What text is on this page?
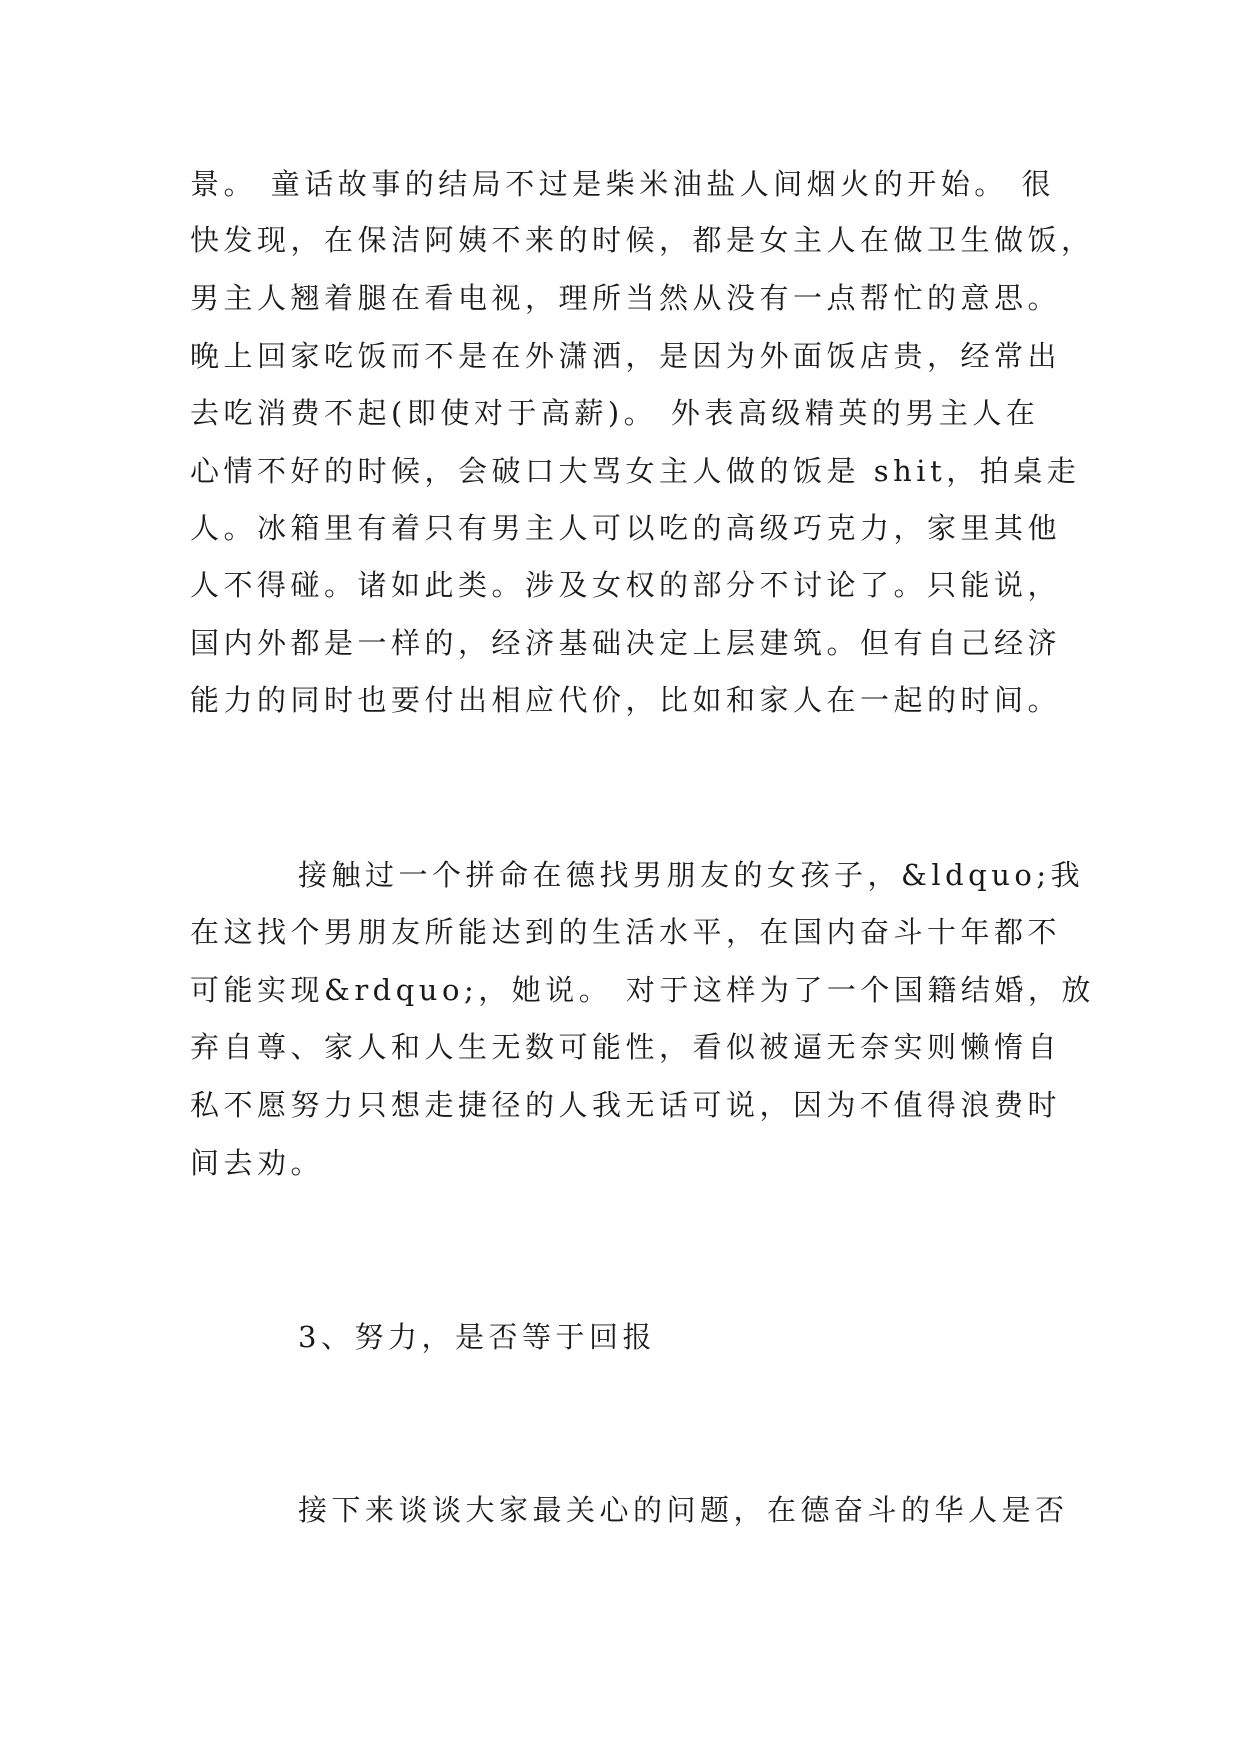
景。 童话故事的结局不过是柴米油盐人间烟火的开始。 很
快发现，在保洁阿姨不来的时候，都是女主人在做卫生做饭，
男主人翘着腿在看电视，理所当然从没有一点帮忙的意思。
晚上回家吃饭而不是在外潇洒，是因为外面饭店贵，经常出
去吃消费不起(即使对于高薪)。 外表高级精英的男主人在
心情不好的时候，会破口大骂女主人做的饭是 shit，拍桌走
人。冰箱里有着只有男主人可以吃的高级巧克力，家里其他
人不得碰。诸如此类。涉及女权的部分不讨论了。只能说，
国内外都是一样的，经济基础决定上层建筑。但有自己经济
能力的同时也要付出相应代价，比如和家人在一起的时间。
接触过一个拼命在德找男朋友的女孩子，&ldquo;我
在这找个男朋友所能达到的生活水平，在国内奋斗十年都不
可能实现&rdquo;，她说。 对于这样为了一个国籍结婚，放
弃自尊、家人和人生无数可能性，看似被逼无奈实则懒惰自
私不愿努力只想走捷径的人我无话可说，因为不值得浪费时
间去劝。
3、努力，是否等于回报
接下来谈谈大家最关心的问题，在德奋斗的华人是否
